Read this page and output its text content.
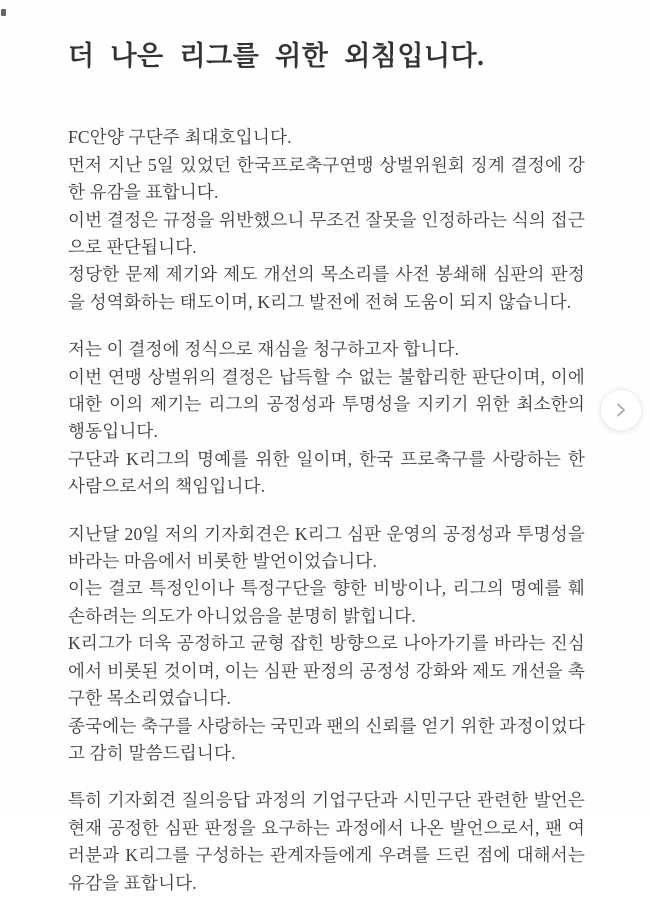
더 나은 리그를 위한 외침입니다.

FC안양 구단주 최대호입니다.

먼저 지난 5일 있었던 한국프로축구연맹 상벌위원회 징계 결정에 강한 유감을 표합니다.

이번 결정은 규정을 위반했으니 무조건 잘못을 인정하라는 식의 접근으로 판단됩니다.

정당한 문제 제기와 제도 개선의 목소리를 사전 봉쇄해 심판의 판정을 성역화하는 태도이며, K리그 발전에 전혀 도움이 되지 않습니다.

저는 이 결정에 정식으로 재심을 청구하고자 합니다.

이번 연맹 상벌위의 결정은 납득할 수 없는 불합리한 판단이며, 이에 대한 이의 제기는 리그의 공정성과 투명성을 지키기 위한 최소한의 행동입니다.

구단과 K리그의 명예를 위한 일이며, 한국 프로축구를 사랑하는 한 사람으로서의 책임입니다.

지난달 20일 저의 기자회견은 K리그 심판 운영의 공정성과 투명성을 바라는 마음에서 비롯한 발언이었습니다.

이는 결코 특정인이나 특정구단을 향한 비방이나, 리그의 명예를 훼손하려는 의도가 아니었음을 분명히 밝힙니다.

K리그가 더욱 공정하고 균형 잡힌 방향으로 나아가기를 바라는 진심에서 비롯된 것이며, 이는 심판 판정의 공정성 강화와 제도 개선을 촉구한 목소리였습니다.

종국에는 축구를 사랑하는 국민과 팬의 신뢰를 얻기 위한 과정이었다고 감히 말씀드립니다.

특히 기자회견 질의응답 과정의 기업구단과 시민구단 관련한 발언은 현재 공정한 심판 판정을 요구하는 과정에서 나온 발언으로서, 팬 여러분과 K리그를 구성하는 관계자들에게 우려를 드린 점에 대해서는 유감을 표합니다.
